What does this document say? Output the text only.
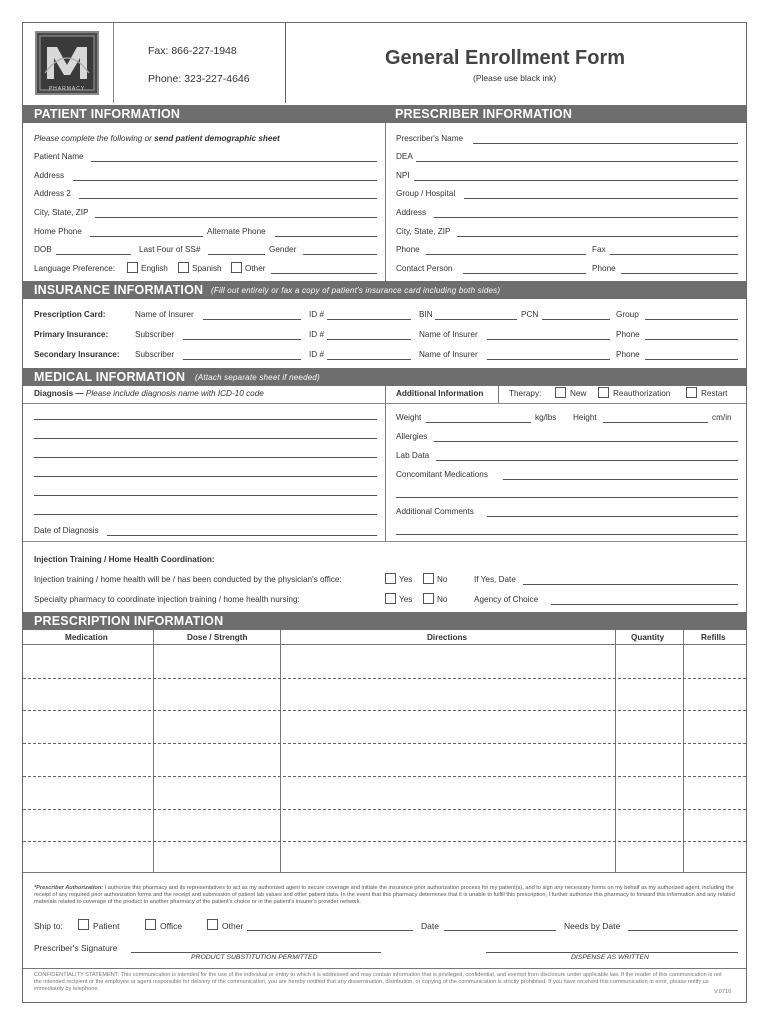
PHARMACY
Fax: 866-227-1948
Phone: 323-227-4646
General Enrollment Form
(Please use black ink)
PATIENT INFORMATION	PRESCRIBER INFORMATION
Please complete the following or send patient demographic sheet
Patient Name
Address
Address 2
City, State, ZIP
Home Phone	Alternate Phone
DOB	Last Four of SS#	Gender
Language Preference:	English	Spanish	Other
Prescriber's Name
DEA
NPI
Group / Hospital
Address
City, State, ZIP
Phone	Fax
Contact Person	Phone
INSURANCE INFORMATION (Fill out entirely or fax a copy of patient's insurance card including both sides)
Prescription Card:	Name of Insurer	ID #	BIN	PCN	Group
Primary Insurance:	Subscriber	ID #	Name of Insurer	Phone
Secondary Insurance: Subscriber	ID #	Name of Insurer	Phone
MEDICAL INFORMATION (Attach separate sheet if needed)
Diagnosis — Please include diagnosis name with ICD-10 code
Date of Diagnosis
Additional Information	Therapy:	New	Reauthorization	Restart
Weight	kg/lbs Height	cm/in
Allergies
Lab Data
Concomitant Medications
Additional Comments
Injection Training / Home Health Coordination:
Injection training / home health will be / has been conducted by the physician's office:	Yes	No	If Yes, Date
Specialty pharmacy to coordinate injection training / home health nursing:	Yes	No	Agency of Choice
PRESCRIPTION INFORMATION
Medication	Dose / Strength	Directions	Quantity	Refills
*Prescriber Authorization: I authorize this pharmacy and its representatives to act as my authorized agent to secure coverage and initiate the insurance prior authorization process for my patient(s), and to sign any necessary forms on my behalf as my authorized agent, including the receipt of any required prior authorization forms and the receipt and submission of patient lab values and other patient data. In the event that this pharmacy determines that it is unable to fulfill this prescription, I further authorize this pharmacy to forward this information and any related materials related to coverage of the product to another pharmacy of the patient's choice or in the patient's insurer's provider network.
Ship to:	Patient	Office	Other	Date	Needs by Date
Prescriber's Signature
PRODUCT SUBSTITUTION PERMITTED	DISPENSE AS WRITTEN
CONFIDENTIALITY STATEMENT: This communication is intended for the use of the individual or entity to which it is addressed and may contain information that is privileged, confidential, and exempt from disclosure under applicable law. If the reader of this communication is not the intended recipient or the employee or agent responsible for delivery of the communication, you are hereby notified that any dissemination, distribution, or copying of the communication is strictly prohibited. If you have received this communication in error, please notify us immediately by telephone.	V.0716
